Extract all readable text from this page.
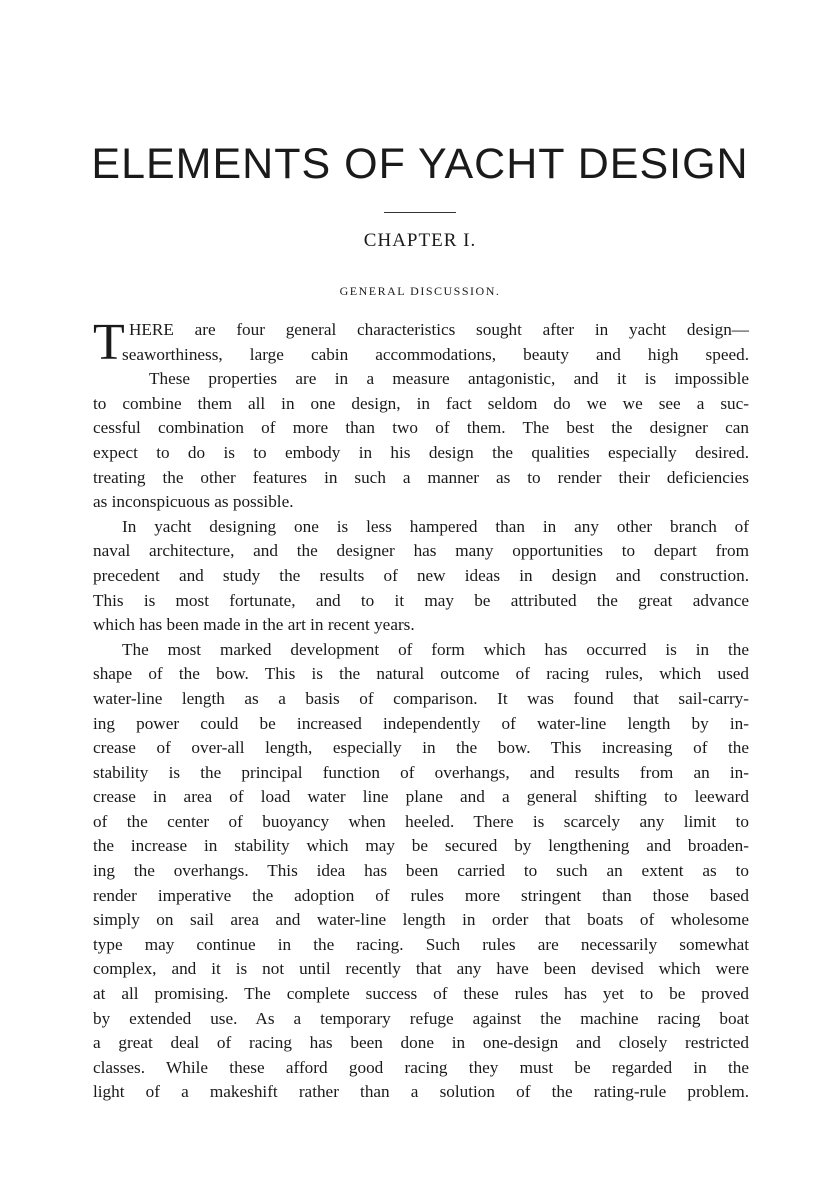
ELEMENTS OF YACHT DESIGN
CHAPTER I.
GENERAL DISCUSSION.
T HERE are four general characteristics sought after in yacht design—
seaworthiness, large cabin accommodations, beauty and high speed.
These properties are in a measure antagonistic, and it is impossible
to combine them all in one design, in fact seldom do we we see a suc-
cessful combination of more than two of them. The best the designer can
expect to do is to embody in his design the qualities especially desired.
treating the other features in such a manner as to render their deficiencies
as inconspicuous as possible.
In yacht designing one is less hampered than in any other branch of
naval architecture, and the designer has many opportunities to depart from
precedent and study the results of new ideas in design and construction.
This is most fortunate, and to it may be attributed the great advance
which has been made in the art in recent years.
The most marked development of form which has occurred is in the
shape of the bow. This is the natural outcome of racing rules, which used
water-line length as a basis of comparison. It was found that sail-carry-
ing power could be increased independently of water-line length by in-
crease of over-all length, especially in the bow. This increasing of the
stability is the principal function of overhangs, and results from an in-
crease in area of load water line plane and a general shifting to leeward
of the center of buoyancy when heeled. There is scarcely any limit to
the increase in stability which may be secured by lengthening and broaden-
ing the overhangs. This idea has been carried to such an extent as to
render imperative the adoption of rules more stringent than those based
simply on sail area and water-line length in order that boats of wholesome
type may continue in the racing. Such rules are necessarily somewhat
complex, and it is not until recently that any have been devised which were
at all promising. The complete success of these rules has yet to be proved
by extended use. As a temporary refuge against the machine racing boat
a great deal of racing has been done in one-design and closely restricted
classes. While these afford good racing they must be regarded in the
light of a makeshift rather than a solution of the rating-rule problem.
